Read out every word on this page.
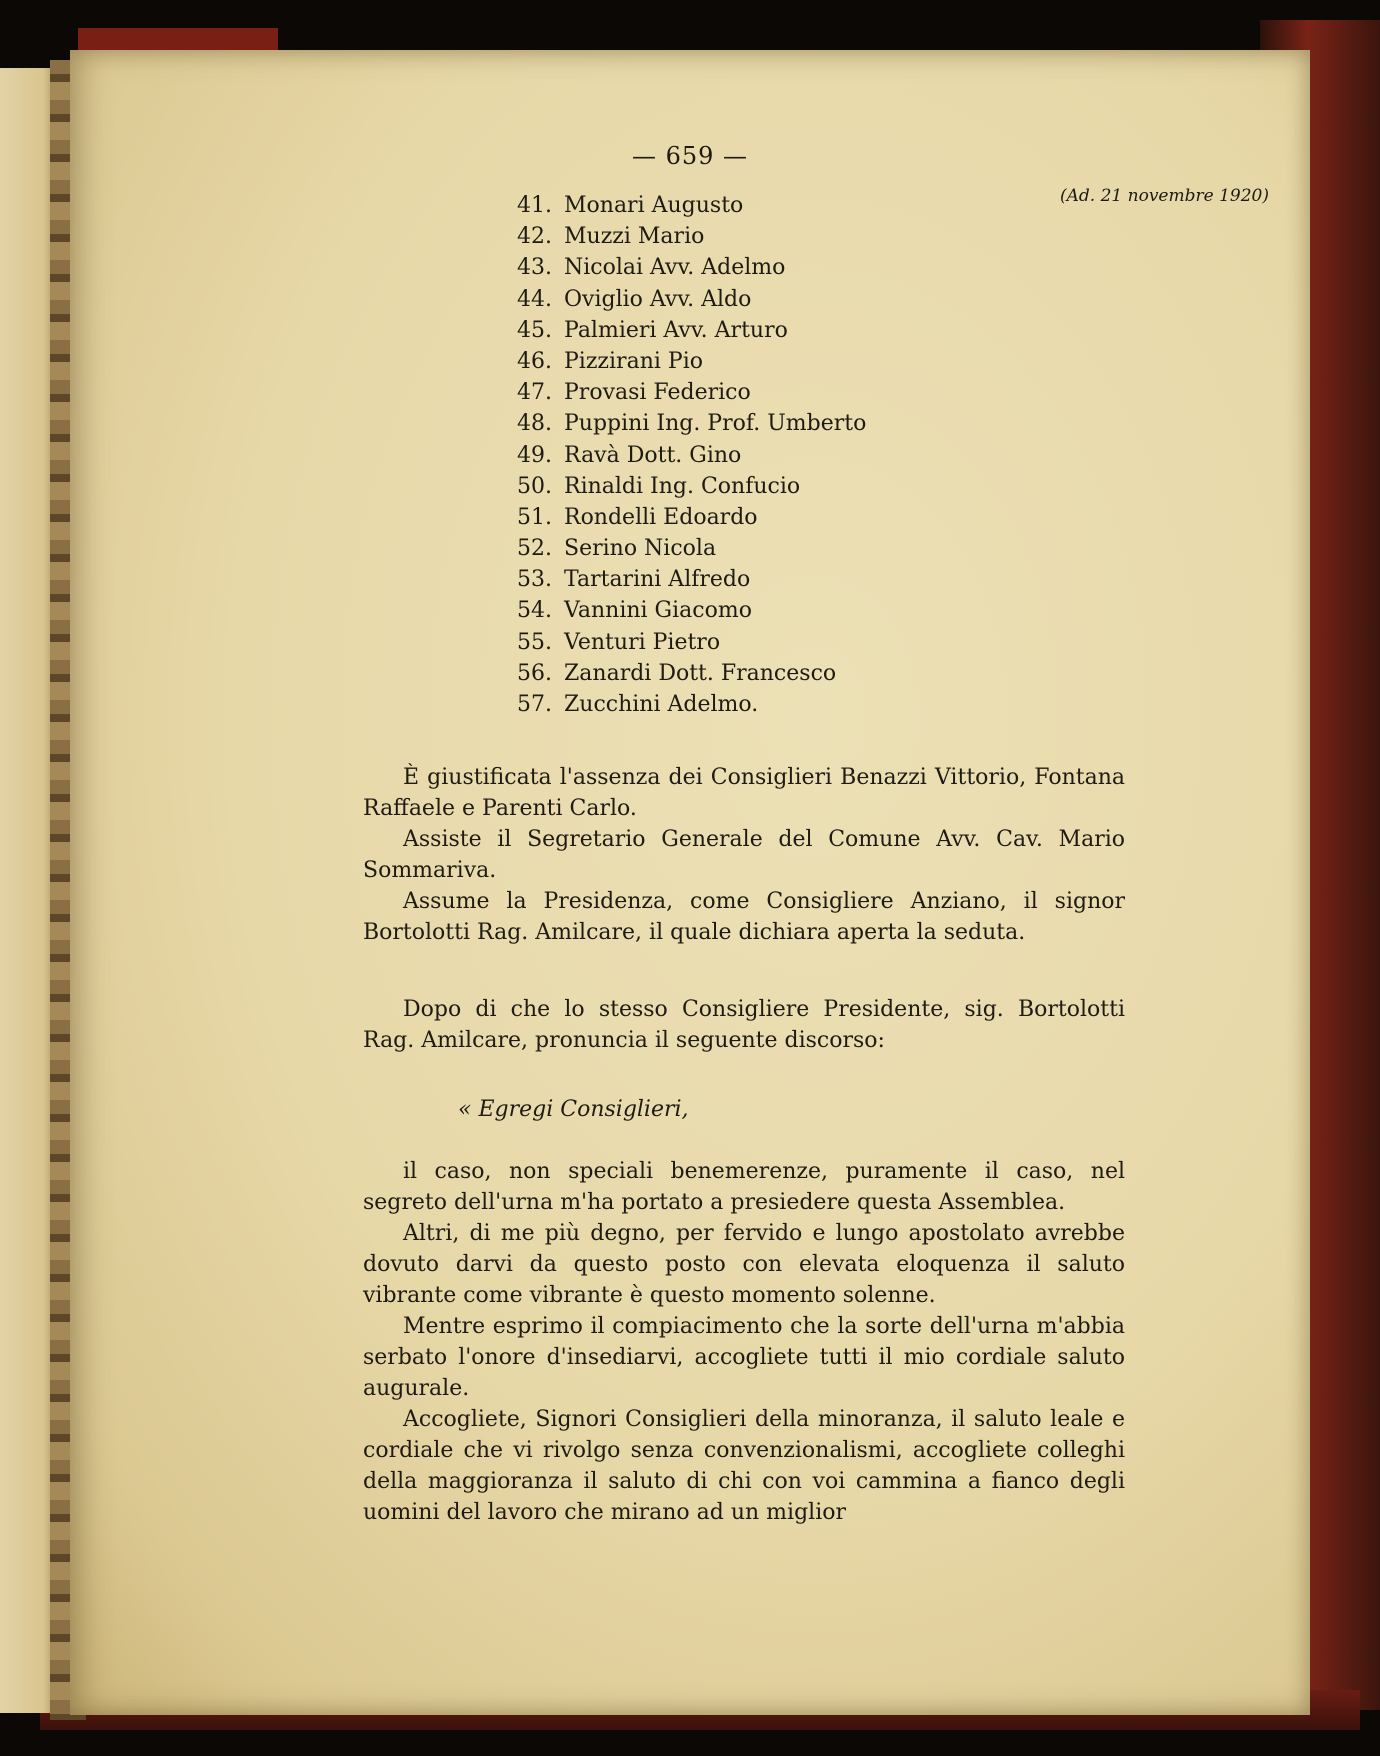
— 659 —
(Ad. 21 novembre 1920)
41. Monari Augusto
42. Muzzi Mario
43. Nicolai Avv. Adelmo
44. Oviglio Avv. Aldo
45. Palmieri Avv. Arturo
46. Pizzirani Pio
47. Provasi Federico
48. Puppini Ing. Prof. Umberto
49. Ravà Dott. Gino
50. Rinaldi Ing. Confucio
51. Rondelli Edoardo
52. Serino Nicola
53. Tartarini Alfredo
54. Vannini Giacomo
55. Venturi Pietro
56. Zanardi Dott. Francesco
57. Zucchini Adelmo.

È giustificata l'assenza dei Consiglieri Benazzi Vittorio, Fontana Raffaele e Parenti Carlo.

Assiste il Segretario Generale del Comune Avv. Cav. Mario Sommariva.

Assume la Presidenza, come Consigliere Anziano, il signor Bortolotti Rag. Amilcare, il quale dichiara aperta la seduta.

Dopo di che lo stesso Consigliere Presidente, sig. Bortolotti Rag. Amilcare, pronuncia il seguente discorso:

« Egregi Consiglieri,

il caso, non speciali benemerenze, puramente il caso, nel segreto dell'urna m'ha portato a presiedere questa Assemblea.

Altri, di me più degno, per fervido e lungo apostolato avrebbe dovuto darvi da questo posto con elevata eloquenza il saluto vibrante come vibrante è questo momento solenne.

Mentre esprimo il compiacimento che la sorte dell'urna m'abbia serbato l'onore d'insediarvi, accogliete tutti il mio cordiale saluto augurale.

Accogliete, Signori Consiglieri della minoranza, il saluto leale e cordiale che vi rivolgo senza convenzionalismi, accogliete colleghi della maggioranza il saluto di chi con voi cammina a fianco degli uomini del lavoro che mirano ad un miglior
